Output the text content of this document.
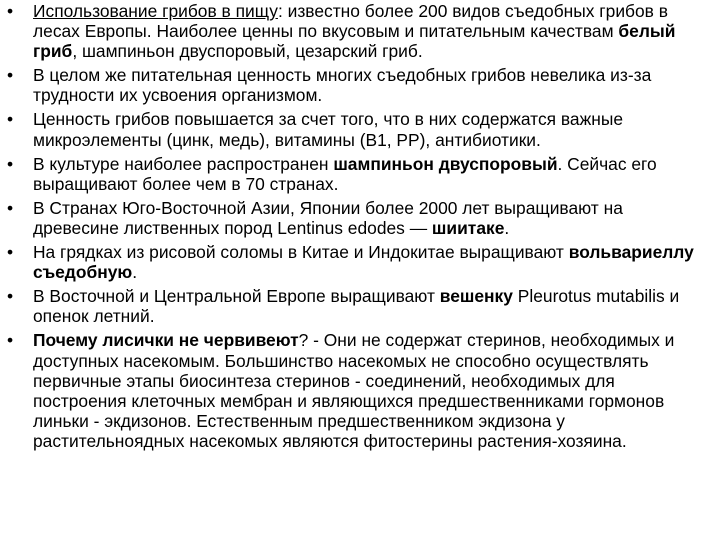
• Использование грибов в пищу: известно более 200 видов съедобных грибов в лесах Европы. Наиболее ценны по вкусовым и питательным качествам белый гриб, шампиньон двуспоровый, цезарский гриб.
• В целом же питательная ценность многих съедобных грибов невелика из-за трудности их усвоения организмом.
• Ценность грибов повышается за счет того, что в них содержатся важные микроэлементы (цинк, медь), витамины (В1, РР), антибиотики.
• В культуре наиболее распространен шампиньон двуспоровый. Сейчас его выращивают более чем в 70 странах.
• В Странах Юго-Восточной Азии, Японии более 2000 лет выращивают на древесине лиственных пород Lentinus edodes — шиитаке.
• На грядках из рисовой соломы в Китае и Индокитае выращивают вольвариеллу съедобную.
• В Восточной и Центральной Европе выращивают вешенку Pleurotus mutabilis и опенок летний.
• Почему лисички не червивеют? - Они не содержат стеринов, необходимых и доступных насекомым. Большинство насекомых не способно осуществлять первичные этапы биосинтеза стеринов - соединений, необходимых для построения клеточных мембран и являющихся предшественниками гормонов линьки - экдизонов. Естественным предшественником экдизона у растительноядных насекомых являются фитостерины растения-хозяина.
